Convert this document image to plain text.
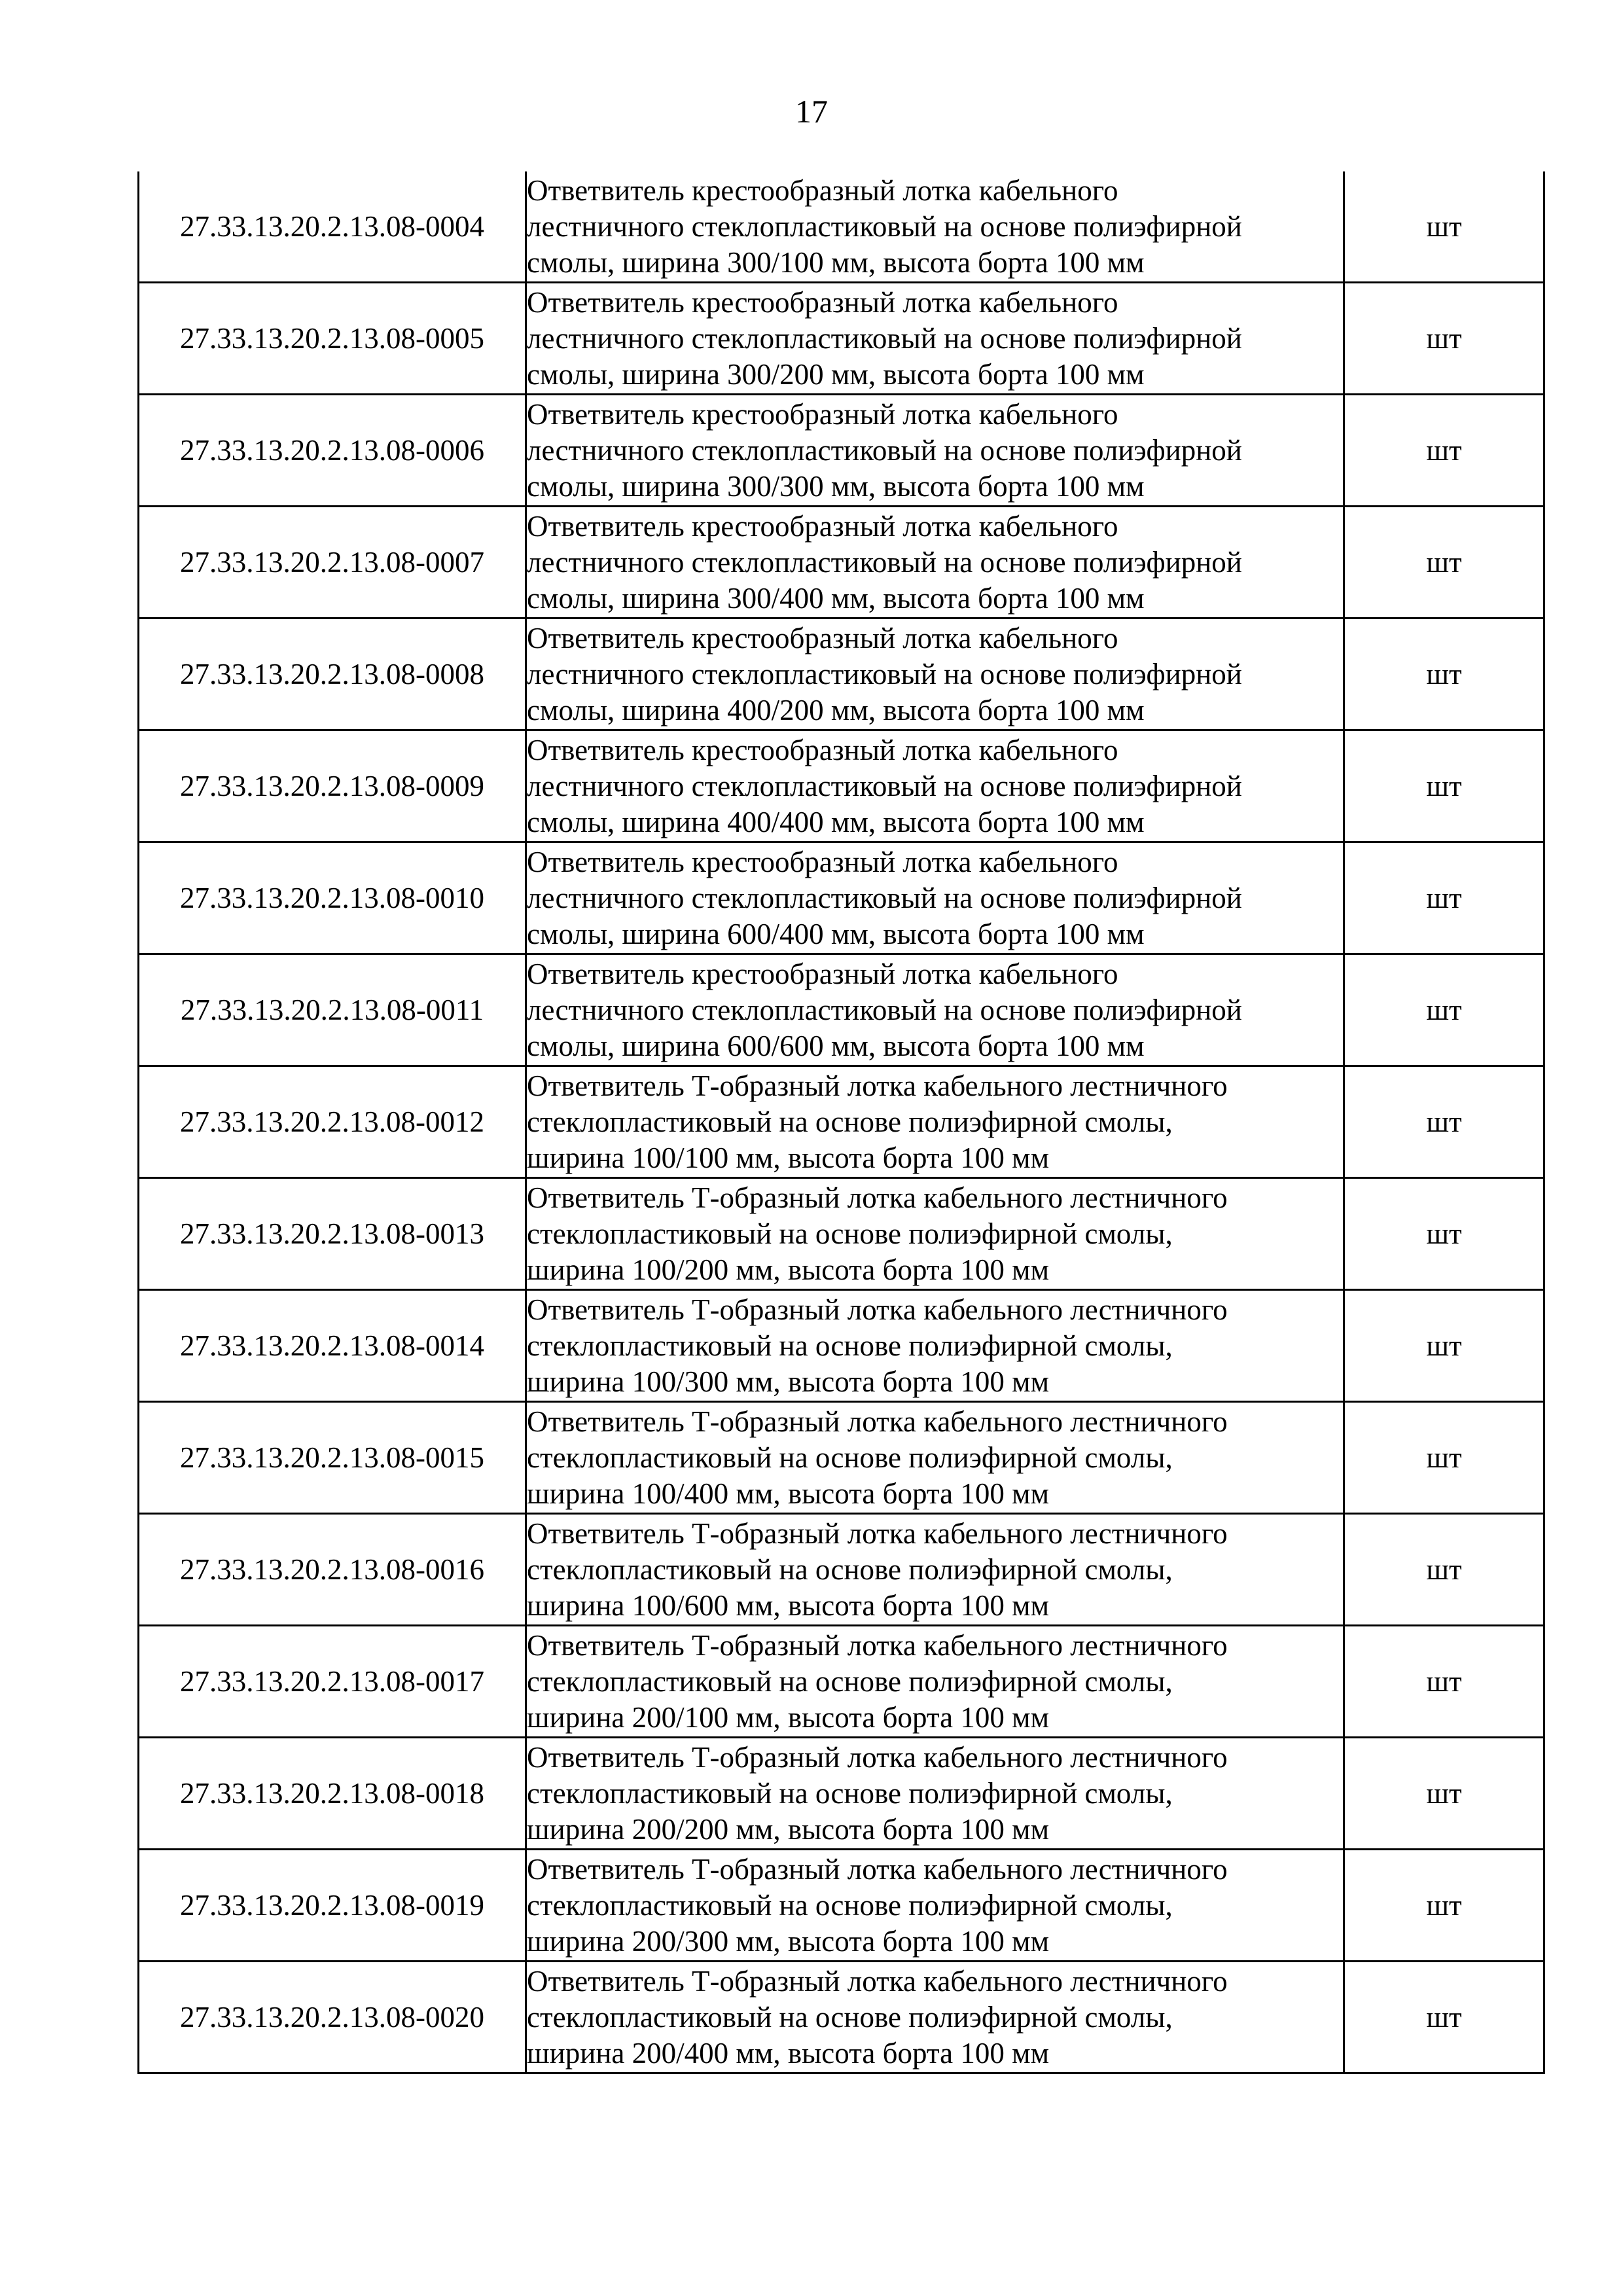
17
27.33.13.20.2.13.08-0004	Ответвитель крестообразный лотка кабельного
лестничного стеклопластиковый на основе полиэфирной
смолы, ширина 300/100 мм, высота борта 100 мм	шт
27.33.13.20.2.13.08-0005	Ответвитель крестообразный лотка кабельного
лестничного стеклопластиковый на основе полиэфирной
смолы, ширина 300/200 мм, высота борта 100 мм	шт
27.33.13.20.2.13.08-0006	Ответвитель крестообразный лотка кабельного
лестничного стеклопластиковый на основе полиэфирной
смолы, ширина 300/300 мм, высота борта 100 мм	шт
27.33.13.20.2.13.08-0007	Ответвитель крестообразный лотка кабельного
лестничного стеклопластиковый на основе полиэфирной
смолы, ширина 300/400 мм, высота борта 100 мм	шт
27.33.13.20.2.13.08-0008	Ответвитель крестообразный лотка кабельного
лестничного стеклопластиковый на основе полиэфирной
смолы, ширина 400/200 мм, высота борта 100 мм	шт
27.33.13.20.2.13.08-0009	Ответвитель крестообразный лотка кабельного
лестничного стеклопластиковый на основе полиэфирной
смолы, ширина 400/400 мм, высота борта 100 мм	шт
27.33.13.20.2.13.08-0010	Ответвитель крестообразный лотка кабельного
лестничного стеклопластиковый на основе полиэфирной
смолы, ширина 600/400 мм, высота борта 100 мм	шт
27.33.13.20.2.13.08-0011	Ответвитель крестообразный лотка кабельного
лестничного стеклопластиковый на основе полиэфирной
смолы, ширина 600/600 мм, высота борта 100 мм	шт
27.33.13.20.2.13.08-0012	Ответвитель Т-образный лотка кабельного лестничного
стеклопластиковый на основе полиэфирной смолы,
ширина 100/100 мм, высота борта 100 мм	шт
27.33.13.20.2.13.08-0013	Ответвитель Т-образный лотка кабельного лестничного
стеклопластиковый на основе полиэфирной смолы,
ширина 100/200 мм, высота борта 100 мм	шт
27.33.13.20.2.13.08-0014	Ответвитель Т-образный лотка кабельного лестничного
стеклопластиковый на основе полиэфирной смолы,
ширина 100/300 мм, высота борта 100 мм	шт
27.33.13.20.2.13.08-0015	Ответвитель Т-образный лотка кабельного лестничного
стеклопластиковый на основе полиэфирной смолы,
ширина 100/400 мм, высота борта 100 мм	шт
27.33.13.20.2.13.08-0016	Ответвитель Т-образный лотка кабельного лестничного
стеклопластиковый на основе полиэфирной смолы,
ширина 100/600 мм, высота борта 100 мм	шт
27.33.13.20.2.13.08-0017	Ответвитель Т-образный лотка кабельного лестничного
стеклопластиковый на основе полиэфирной смолы,
ширина 200/100 мм, высота борта 100 мм	шт
27.33.13.20.2.13.08-0018	Ответвитель Т-образный лотка кабельного лестничного
стеклопластиковый на основе полиэфирной смолы,
ширина 200/200 мм, высота борта 100 мм	шт
27.33.13.20.2.13.08-0019	Ответвитель Т-образный лотка кабельного лестничного
стеклопластиковый на основе полиэфирной смолы,
ширина 200/300 мм, высота борта 100 мм	шт
27.33.13.20.2.13.08-0020	Ответвитель Т-образный лотка кабельного лестничного
стеклопластиковый на основе полиэфирной смолы,
ширина 200/400 мм, высота борта 100 мм	шт
